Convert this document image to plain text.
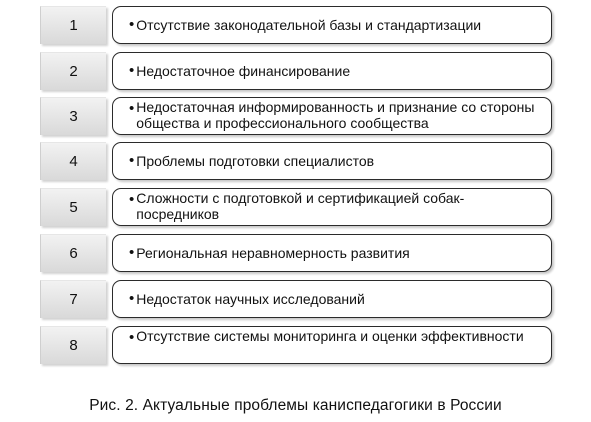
1	• Отсутствие законодательной базы и стандартизации
2	• Недостаточное финансирование
3	• Недостаточная информированность и признание со стороны общества и профессионального сообщества
4	• Проблемы подготовки специалистов
5	• Сложности с подготовкой и сертификацией собак-посредников
6	• Региональная неравномерность развития
7	• Недостаток научных исследований
8	• Отсутствие системы мониторинга и оценки эффективности
Рис. 2. Актуальные проблемы каниспедагогики в России
